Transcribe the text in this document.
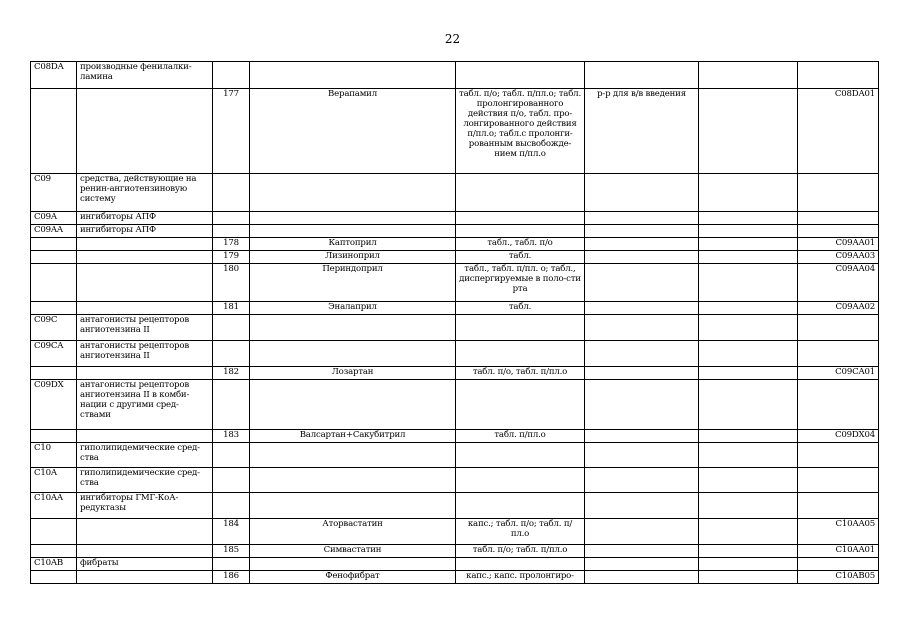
22
C08DA	производные фенилалки-ламина						
		177	Верапамил	табл. п/о; табл. п/пл.о; табл. пролонгированного действия п/о, табл. про-лонгированного действия п/пл.о; табл.с пролонги-рованным высвобожде-нием п/пл.о	р-р для в/в введения		C08DA01
C09	средства, действующие на ренин-ангиотензиновую систему						
C09A	ингибиторы АПФ						
C09AA	ингибиторы АПФ						
		178	Каптоприл	табл., табл. п/о			C09AA01
		179	Лизиноприл	табл.			C09AA03
		180	Периндоприл	табл., табл. п/пл. о; табл., диспергируемые в поло-сти рта			C09AA04
		181	Эналаприл	табл.			C09AA02
C09C	антагонисты рецепторов ангиотензина II						
C09CA	антагонисты рецепторов ангиотензина II						
		182	Лозартан	табл. п/о, табл. п/пл.о			C09CA01
C09DX	антагонисты рецепторов ангиотензина II в комби-нации с другими сред-ствами						
		183	Валсартан+Сакубитрил	табл. п/пл.о			C09DX04
C10	гиполипидемические сред-ства						
C10A	гиполипидемические сред-ства						
C10AA	ингибиторы ГМГ-КоА-редуктазы						
		184	Аторвастатин	капс.; табл. п/о; табл. п/пл.о			C10AA05
		185	Симвастатин	табл. п/о; табл. п/пл.о			C10AA01
C10AB	фибраты						
		186	Фенофибрат	капс.; капс. пролонгиро-			C10AB05
